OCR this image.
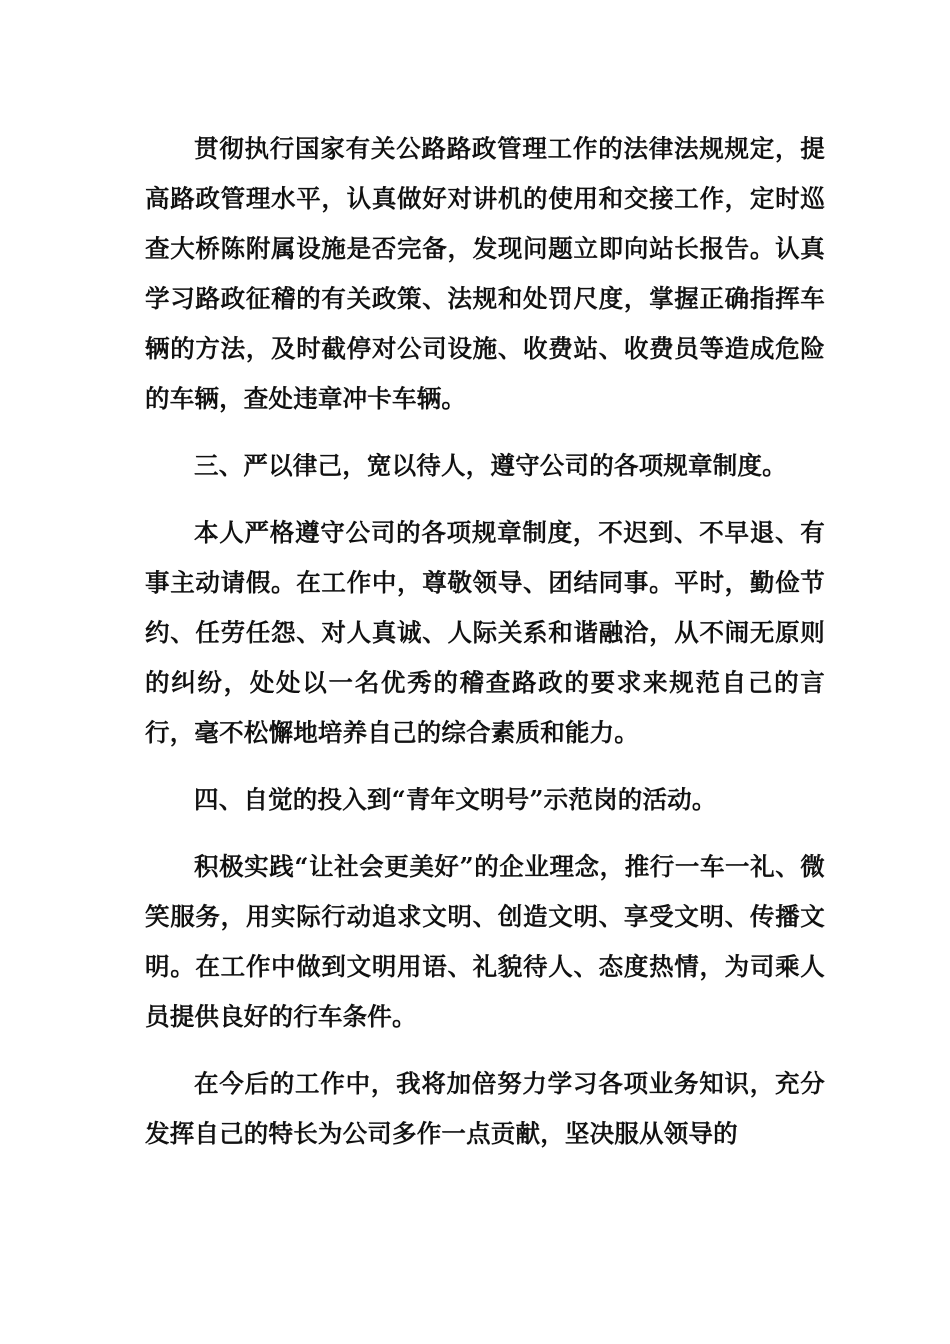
贯彻执行国家有关公路路政管理工作的法律法规规定，提高路政管理水平，认真做好对讲机的使用和交接工作，定时巡查大桥陈附属设施是否完备，发现问题立即向站长报告。认真学习路政征稽的有关政策、法规和处罚尺度，掌握正确指挥车辆的方法，及时截停对公司设施、收费站、收费员等造成危险的车辆，查处违章冲卡车辆。

三、严以律己，宽以待人，遵守公司的各项规章制度。

本人严格遵守公司的各项规章制度，不迟到、不早退、有事主动请假。在工作中，尊敬领导、团结同事。平时，勤俭节约、任劳任怨、对人真诚、人际关系和谐融洽，从不闹无原则的纠纷，处处以一名优秀的稽查路政的要求来规范自己的言行，毫不松懈地培养自己的综合素质和能力。

四、自觉的投入到“青年文明号”示范岗的活动。

积极实践“让社会更美好”的企业理念，推行一车一礼、微笑服务，用实际行动追求文明、创造文明、享受文明、传播文明。在工作中做到文明用语、礼貌待人、态度热情，为司乘人员提供良好的行车条件。

在今后的工作中，我将加倍努力学习各项业务知识，充分发挥自己的特长为公司多作一点贡献，坚决服从领导的
